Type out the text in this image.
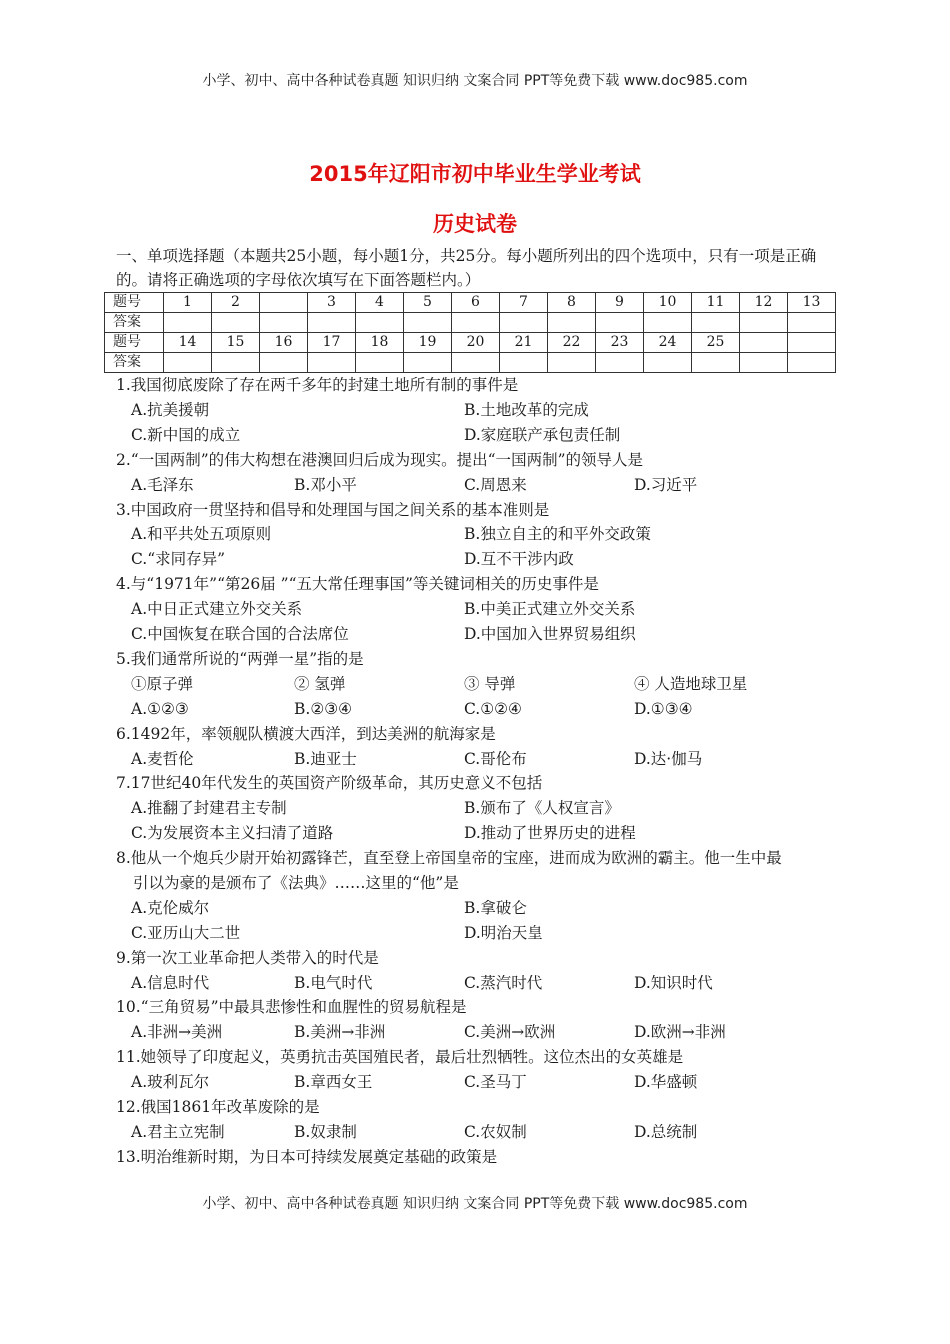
小学、初中、高中各种试卷真题 知识归纳 文案合同 PPT等免费下载 www.doc985.com
2015年辽阳市初中毕业生学业考试
历史试卷
一、单项选择题（本题共25小题，每小题1分，共25分。每小题所列出的四个选项中，只有一项是正确的。请将正确选项的字母依次填写在下面答题栏内。）
题号	1	2		3	4	5	6	7	8	9	10	11	12	13
答案														
题号	14	15	16	17	18	19	20	21	22	23	24	25		
答案														
1.我国彻底废除了存在两千多年的封建土地所有制的事件是
A.抗美援朝	B.土地改革的完成
C.新中国的成立	D.家庭联产承包责任制
2.“一国两制”的伟大构想在港澳回归后成为现实。提出“一国两制”的领导人是
A.毛泽东	B.邓小平	C.周恩来	D.习近平
3.中国政府一贯坚持和倡导和处理国与国之间关系的基本准则是
A.和平共处五项原则	B.独立自主的和平外交政策
C.“求同存异”	D.互不干涉内政
4.与“1971年”“第26届 ”“五大常任理事国”等关键词相关的历史事件是
A.中日正式建立外交关系	B.中美正式建立外交关系
C.中国恢复在联合国的合法席位	D.中国加入世界贸易组织
5.我们通常所说的“两弹一星”指的是
①原子弹	② 氢弹	③ 导弹	④ 人造地球卫星
A.①②③	B.②③④	C.①②④	D.①③④
6.1492年，率领舰队横渡大西洋，到达美洲的航海家是
A.麦哲伦	B.迪亚士	C.哥伦布	D.达·伽马
7.17世纪40年代发生的英国资产阶级革命，其历史意义不包括
A.推翻了封建君主专制	B.颁布了《人权宣言》
C.为发展资本主义扫清了道路	D.推动了世界历史的进程
8.他从一个炮兵少尉开始初露锋芒，直至登上帝国皇帝的宝座，进而成为欧洲的霸主。他一生中最
引以为豪的是颁布了《法典》……这里的“他”是
A.克伦威尔	B.拿破仑
C.亚历山大二世	D.明治天皇
9.第一次工业革命把人类带入的时代是
A.信息时代	B.电气时代	C.蒸汽时代	D.知识时代
10.“三角贸易”中最具悲惨性和血腥性的贸易航程是
A.非洲→美洲	B.美洲→非洲	C.美洲→欧洲	D.欧洲→非洲
11.她领导了印度起义，英勇抗击英国殖民者，最后壮烈牺牲。这位杰出的女英雄是
A.玻利瓦尔	B.章西女王	C.圣马丁	D.华盛顿
12.俄国1861年改革废除的是
A.君主立宪制	B.奴隶制	C.农奴制	D.总统制
13.明治维新时期，为日本可持续发展奠定基础的政策是
小学、初中、高中各种试卷真题 知识归纳 文案合同 PPT等免费下载 www.doc985.com
